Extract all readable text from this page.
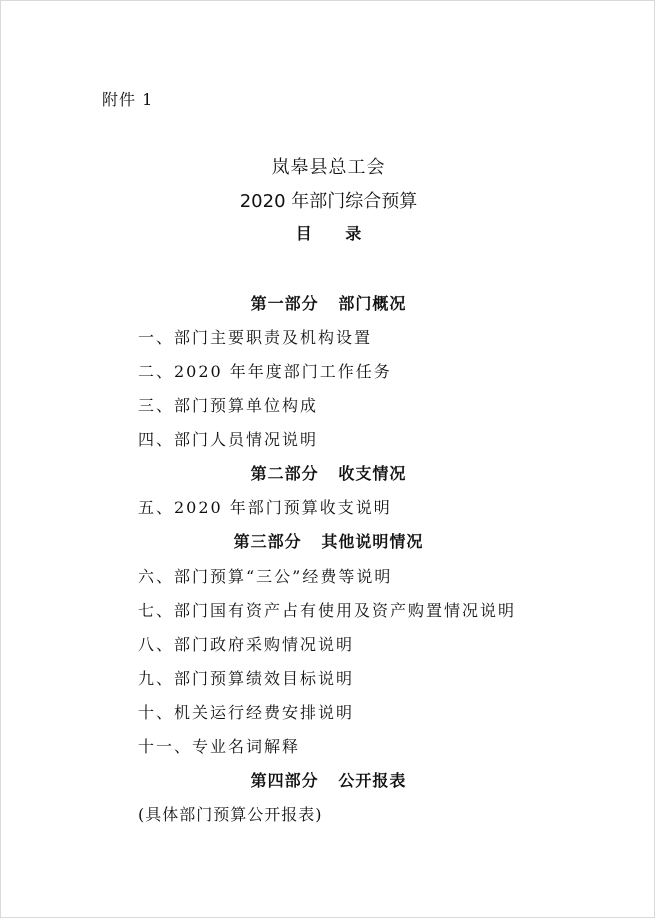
附件 1
岚皋县总工会
2020 年部门综合预算
目 录
第一部分   部门概况
一、部门主要职责及机构设置
二、2020 年年度部门工作任务
三、部门预算单位构成
四、部门人员情况说明
第二部分   收支情况
五、2020 年部门预算收支说明
第三部分   其他说明情况
六、部门预算“三公”经费等说明
七、部门国有资产占有使用及资产购置情况说明
八、部门政府采购情况说明
九、部门预算绩效目标说明
十、机关运行经费安排说明
十一、专业名词解释
第四部分   公开报表
(具体部门预算公开报表)
